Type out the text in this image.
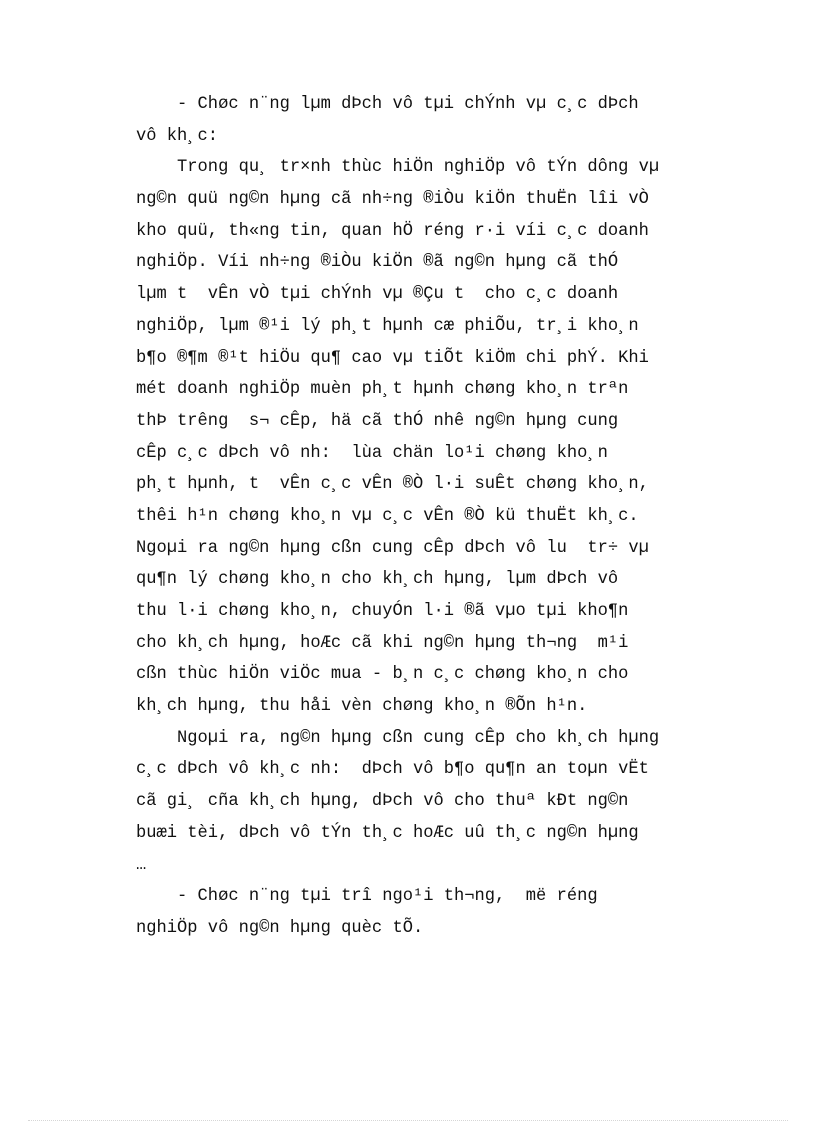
- Chøc n¨ng lµm dÞch vô tµi chÝnh vµ c¸c dÞch
vô kh¸c:
Trong qu¸ tr×nh thùc hiÖn nghiÖp vô tÝn dông vµ
ng©n quü ng©n hµng cã nh÷ng ®iÒu kiÖn thuËn lîi vÒ
kho quü, th«ng tin, quan hÖ réng r·i víi c¸c doanh
nghiÖp. Víi nh÷ng ®iÒu kiÖn ®ã ng©n hµng cã thÓ
lµm t  vÊn vÒ tµi chÝnh vµ ®Çu t  cho c¸c doanh
nghiÖp, lµm ®¹i lý ph¸t hµnh cæ phiÕu, tr¸i kho¸n
b¶o ®¶m ®¹t hiÖu qu¶ cao vµ tiÕt kiÖm chi phÝ. Khi
mét doanh nghiÖp muèn ph¸t hµnh chøng kho¸n trªn
thÞ trêng  s¬ cÊp, hä cã thÓ nhê ng©n hµng cung
cÊp c¸c dÞch vô nh:  lùa chän lo¹i chøng kho¸n
ph¸t hµnh, t  vÊn c¸c vÊn ®Ò l·i suÊt chøng kho¸n,
thêi h¹n chøng kho¸n vµ c¸c vÊn ®Ò kü thuËt kh¸c.
Ngoµi ra ng©n hµng cßn cung cÊp dÞch vô lu  tr÷ vµ
qu¶n lý chøng kho¸n cho kh¸ch hµng, lµm dÞch vô
thu l·i chøng kho¸n, chuyÓn l·i ®ã vµo tµi kho¶n
cho kh¸ch hµng, hoÆc cã khi ng©n hµng th¬ng  m¹i
cßn thùc hiÖn viÖc mua - b¸n c¸c chøng kho¸n cho
kh¸ch hµng, thu håi vèn chøng kho¸n ®Õn h¹n.
Ngoµi ra, ng©n hµng cßn cung cÊp cho kh¸ch hµng
c¸c dÞch vô kh¸c nh:  dÞch vô b¶o qu¶n an toµn vËt
cã gi¸ cña kh¸ch hµng, dÞch vô cho thuª kÐt ng©n
buæi tèi, dÞch vô tÝn th¸c hoÆc uû th¸c ng©n hµng
…
- Chøc n¨ng tµi trî ngo¹i th¬ng,  më réng
nghiÖp vô ng©n hµng quèc tÕ.
